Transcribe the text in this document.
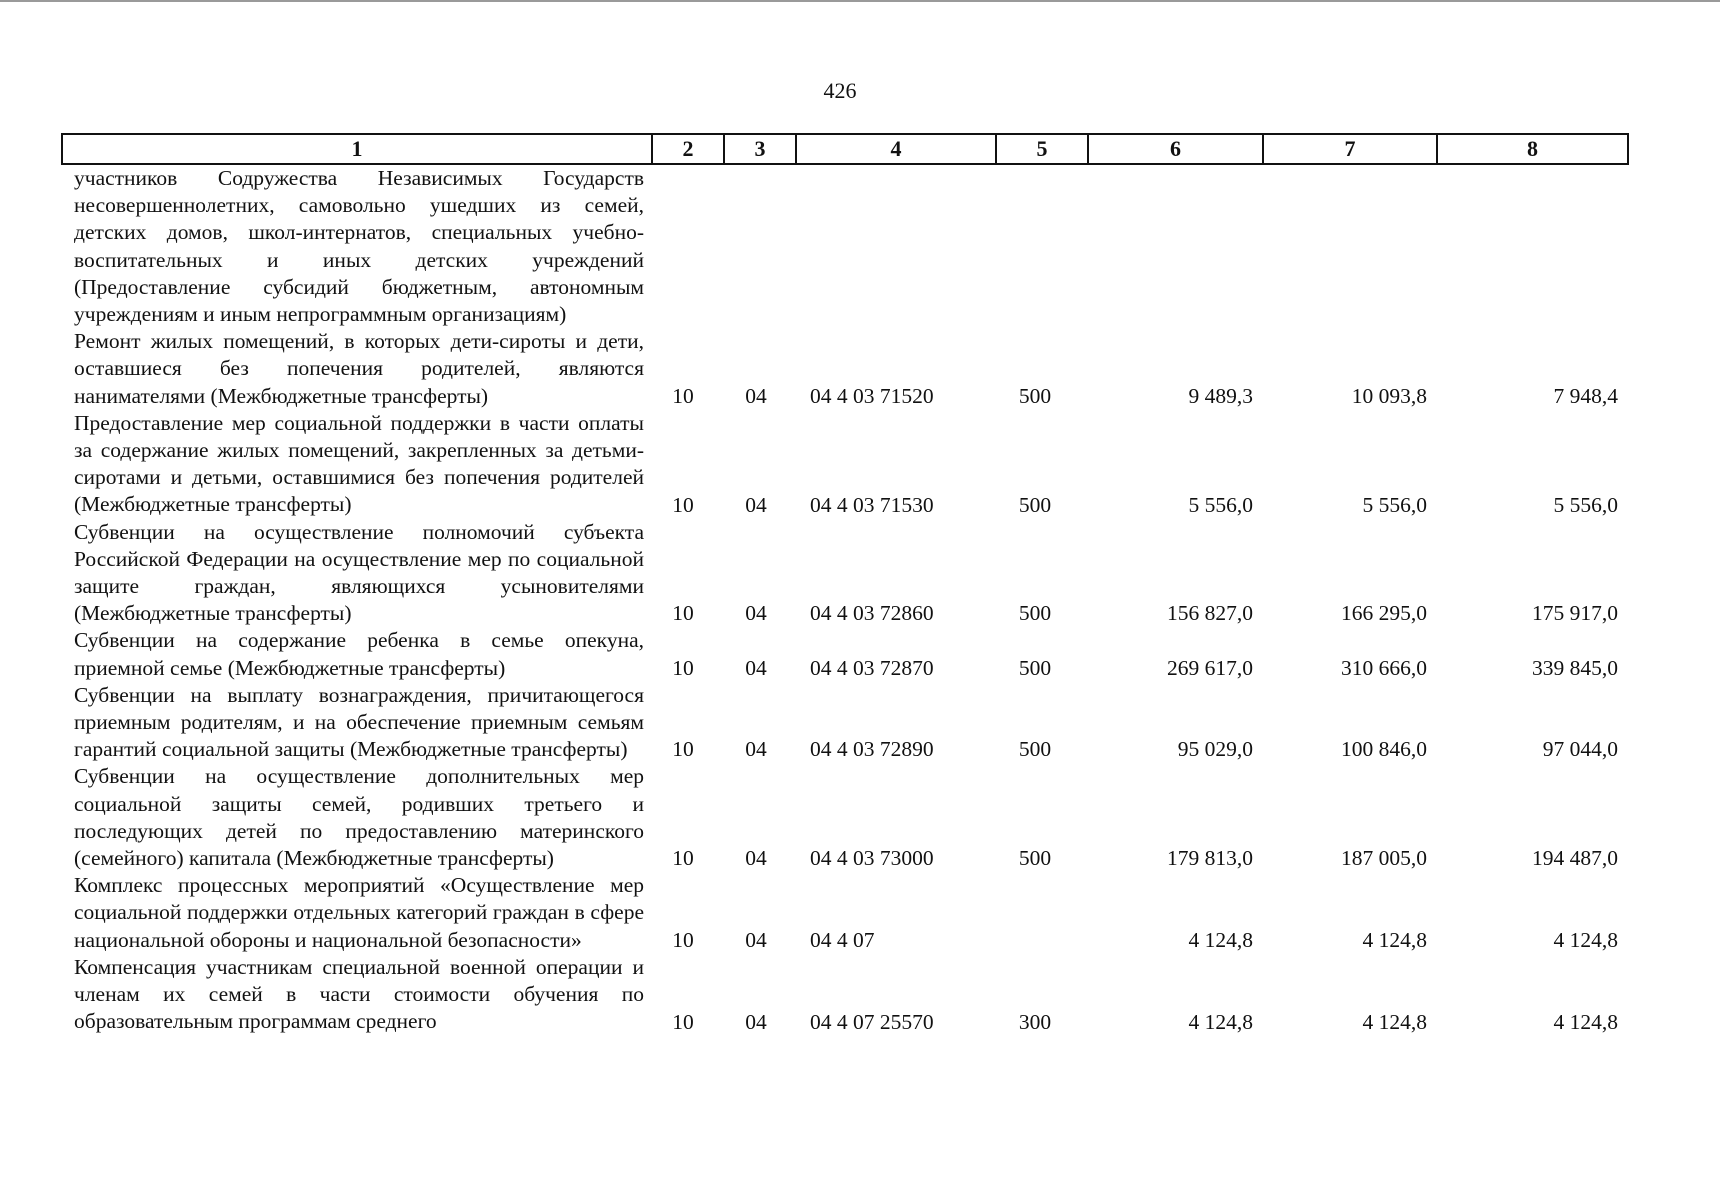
426
1	2	3	4	5	6	7	8
участников Содружества Независимых Государств несовершеннолетних, самовольно ушедших из семей, детских домов, школ-интернатов, специальных учебно-воспитательных и иных детских учреждений (Предоставление субсидий бюджетным, автономным учреждениям и иным непрограммным организациям)							
Ремонт жилых помещений, в которых дети-сироты и дети, оставшиеся без попечения родителей, являются нанимателями (Межбюджетные трансферты)	10	04	04 4 03 71520	500	9 489,3	10 093,8	7 948,4
Предоставление мер социальной поддержки в части оплаты за содержание жилых помещений, закрепленных за детьми-сиротами и детьми, оставшимися без попечения родителей (Межбюджетные трансферты)	10	04	04 4 03 71530	500	5 556,0	5 556,0	5 556,0
Субвенции на осуществление полномочий субъекта Российской Федерации на осуществление мер по социальной защите граждан, являющихся усыновителями (Межбюджетные трансферты)	10	04	04 4 03 72860	500	156 827,0	166 295,0	175 917,0
Субвенции на содержание ребенка в семье опекуна, приемной семье (Межбюджетные трансферты)	10	04	04 4 03 72870	500	269 617,0	310 666,0	339 845,0
Субвенции на выплату вознаграждения, причитающегося приемным родителям, и на обеспечение приемным семьям гарантий социальной защиты (Межбюджетные трансферты)	10	04	04 4 03 72890	500	95 029,0	100 846,0	97 044,0
Субвенции на осуществление дополнительных мер социальной защиты семей, родивших третьего и последующих детей по предоставлению материнского (семейного) капитала (Межбюджетные трансферты)	10	04	04 4 03 73000	500	179 813,0	187 005,0	194 487,0
Комплекс процессных мероприятий «Осуществление мер социальной поддержки отдельных категорий граждан в сфере национальной обороны и национальной безопасности»	10	04	04 4 07		4 124,8	4 124,8	4 124,8
Компенсация участникам специальной военной операции и членам их семей в части стоимости обучения по образовательным программам среднего	10	04	04 4 07 25570	300	4 124,8	4 124,8	4 124,8
